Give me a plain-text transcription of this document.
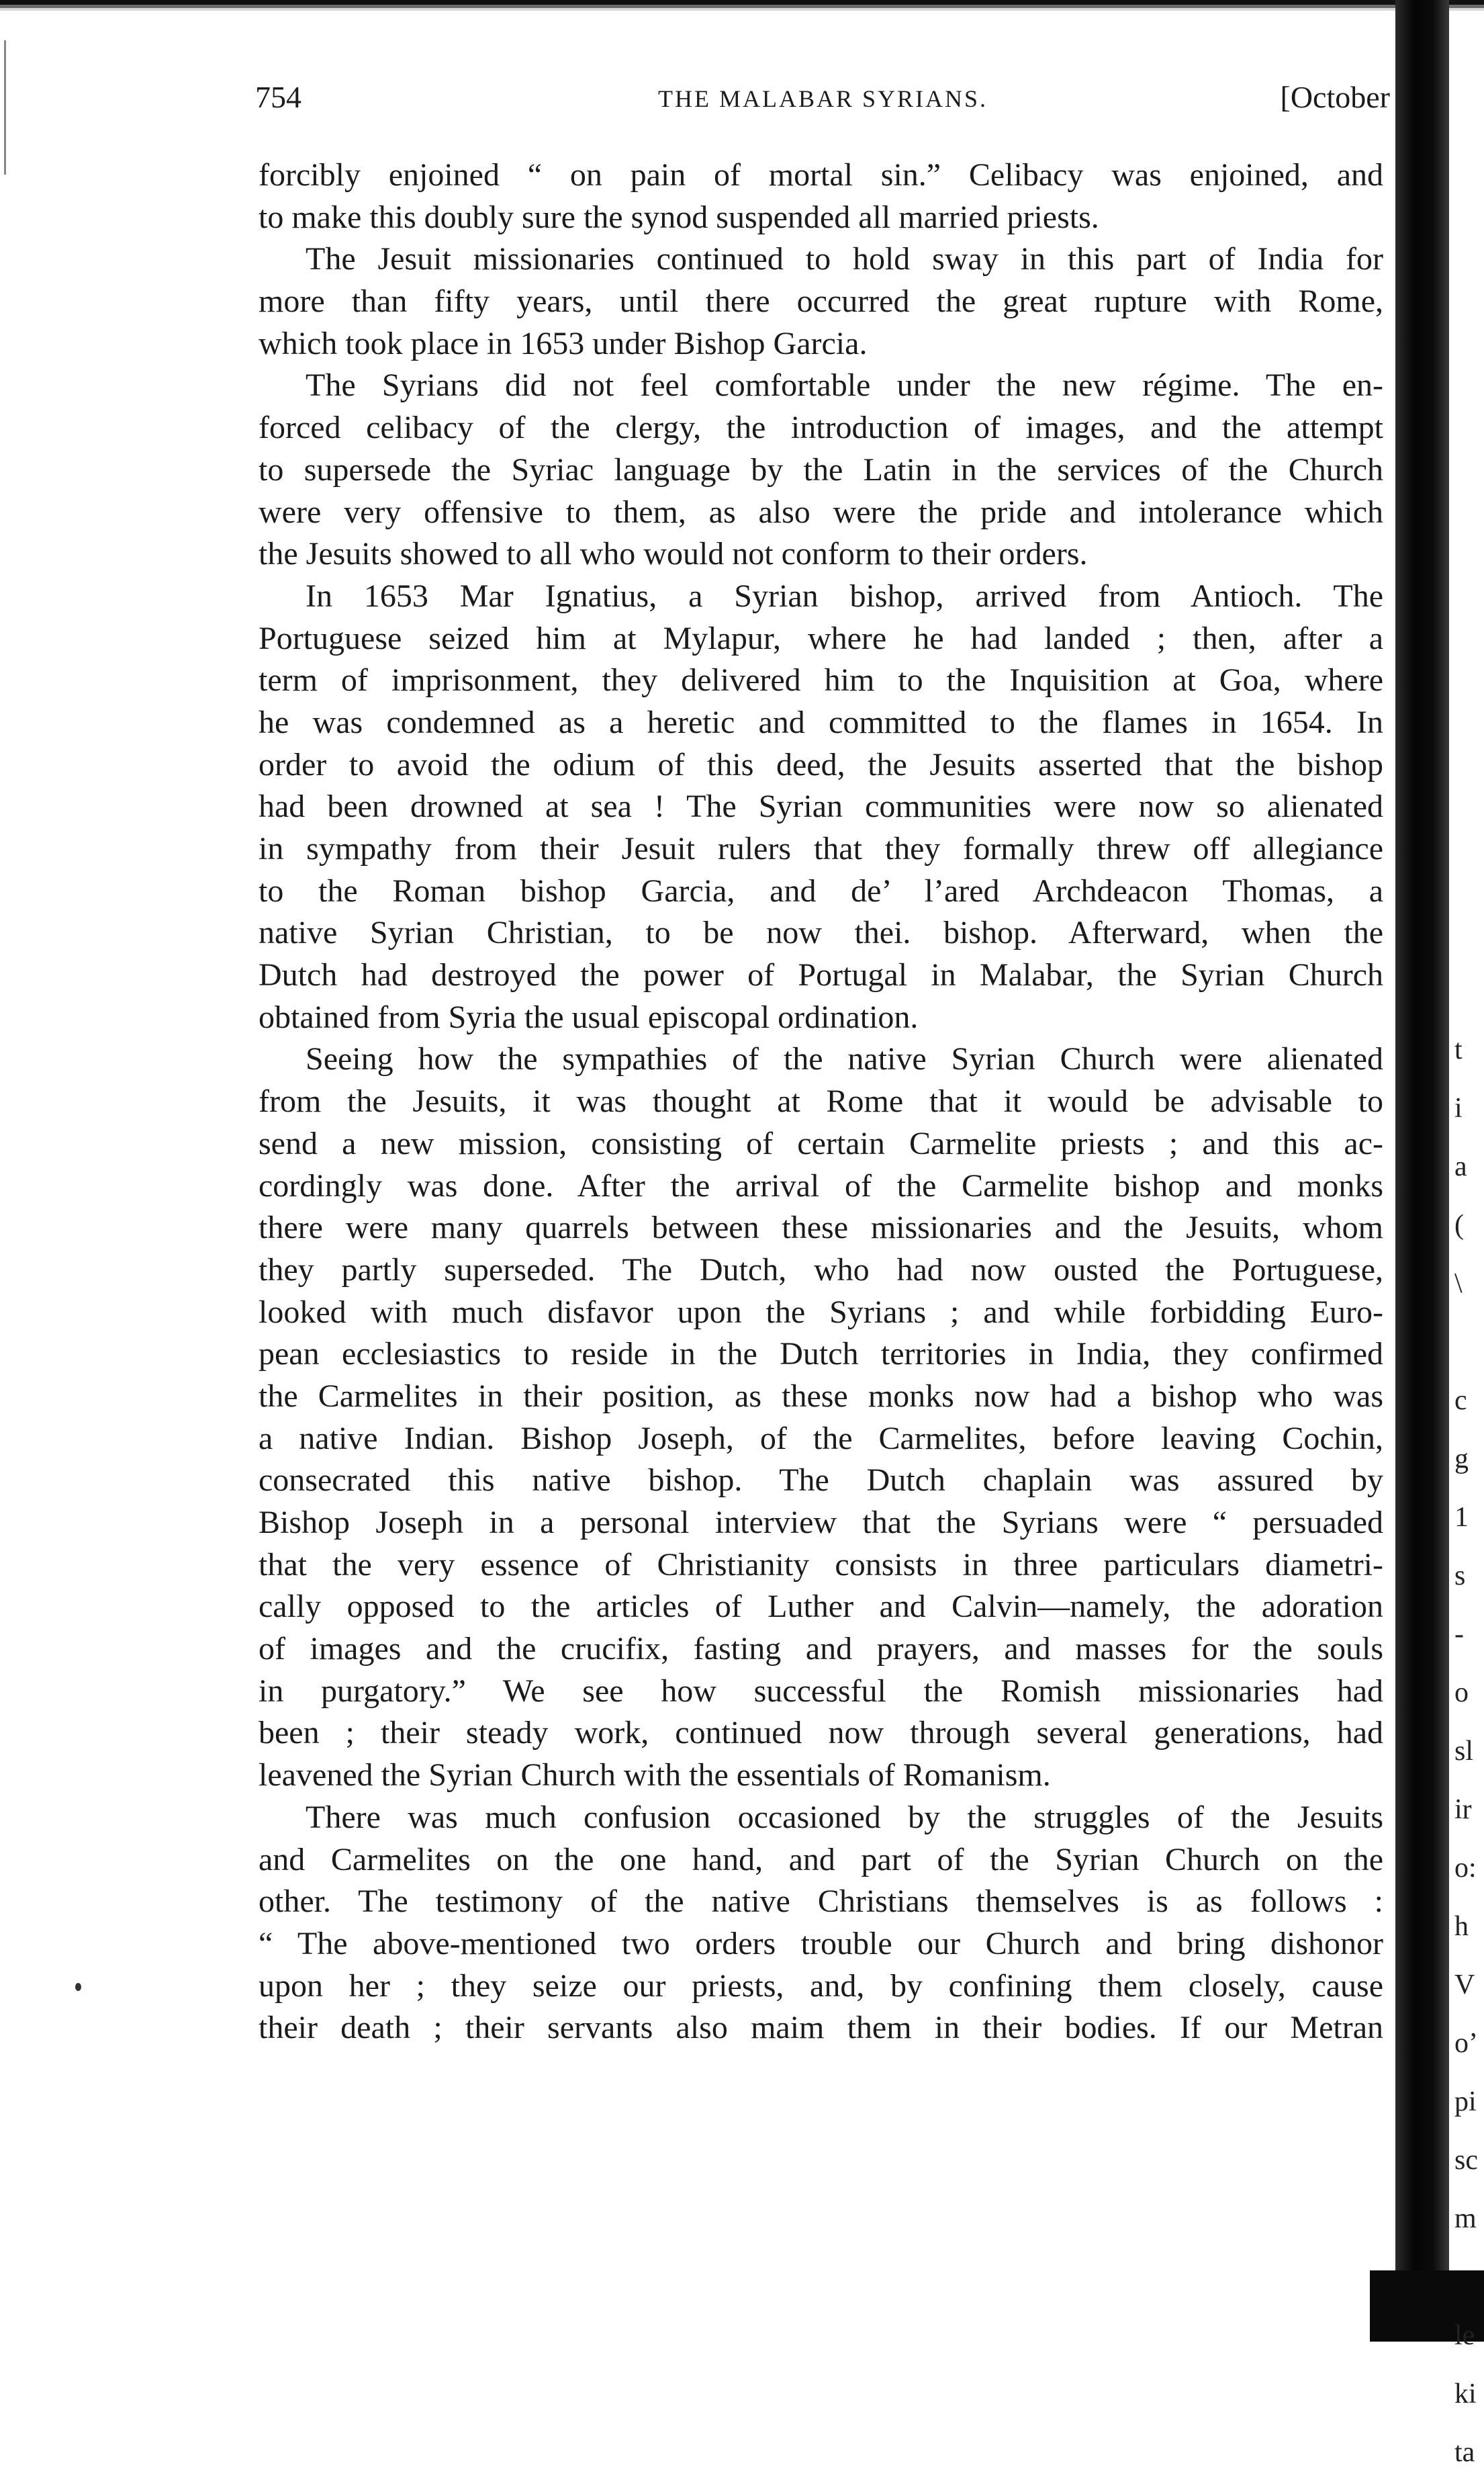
754	THE MALABAR SYRIANS.	[October
forcibly enjoined “ on pain of mortal sin.” Celibacy was enjoined, and
to make this doubly sure the synod suspended all married priests.
The Jesuit missionaries continued to hold sway in this part of India for
more than fifty years, until there occurred the great rupture with Rome,
which took place in 1653 under Bishop Garcia.
The Syrians did not feel comfortable under the new régime. The en-
forced celibacy of the clergy, the introduction of images, and the attempt
to supersede the Syriac language by the Latin in the services of the Church
were very offensive to them, as also were the pride and intolerance which
the Jesuits showed to all who would not conform to their orders.
In 1653 Mar Ignatius, a Syrian bishop, arrived from Antioch. The
Portuguese seized him at Mylapur, where he had landed ; then, after a
term of imprisonment, they delivered him to the Inquisition at Goa, where
he was condemned as a heretic and committed to the flames in 1654. In
order to avoid the odium of this deed, the Jesuits asserted that the bishop
had been drowned at sea ! The Syrian communities were now so alienated
in sympathy from their Jesuit rulers that they formally threw off allegiance
to the Roman bishop Garcia, and de’ l’ared Archdeacon Thomas, a
native Syrian Christian, to be now thei. bishop. Afterward, when the
Dutch had destroyed the power of Portugal in Malabar, the Syrian Church
obtained from Syria the usual episcopal ordination.
Seeing how the sympathies of the native Syrian Church were alienated
from the Jesuits, it was thought at Rome that it would be advisable to
send a new mission, consisting of certain Carmelite priests ; and this ac-
cordingly was done. After the arrival of the Carmelite bishop and monks
there were many quarrels between these missionaries and the Jesuits, whom
they partly superseded. The Dutch, who had now ousted the Portuguese,
looked with much disfavor upon the Syrians ; and while forbidding Euro-
pean ecclesiastics to reside in the Dutch territories in India, they confirmed
the Carmelites in their position, as these monks now had a bishop who was
a native Indian. Bishop Joseph, of the Carmelites, before leaving Cochin,
consecrated this native bishop. The Dutch chaplain was assured by
Bishop Joseph in a personal interview that the Syrians were “ persuaded
that the very essence of Christianity consists in three particulars diametri-
cally opposed to the articles of Luther and Calvin—namely, the adoration
of images and the crucifix, fasting and prayers, and masses for the souls
in purgatory.” We see how successful the Romish missionaries had
been ; their steady work, continued now through several generations, had
leavened the Syrian Church with the essentials of Romanism.
There was much confusion occasioned by the struggles of the Jesuits
and Carmelites on the one hand, and part of the Syrian Church on the
other. The testimony of the native Christians themselves is as follows :
“ The above-mentioned two orders trouble our Church and bring dishonor
upon her ; they seize our priests, and, by confining them closely, cause
their death ; their servants also maim them in their bodies. If our Metran
t
i
a
(
\
c
g
1
s
-
o
sl
ir
o:
h
V
o’
pi
sc
m
le
ki
ta
